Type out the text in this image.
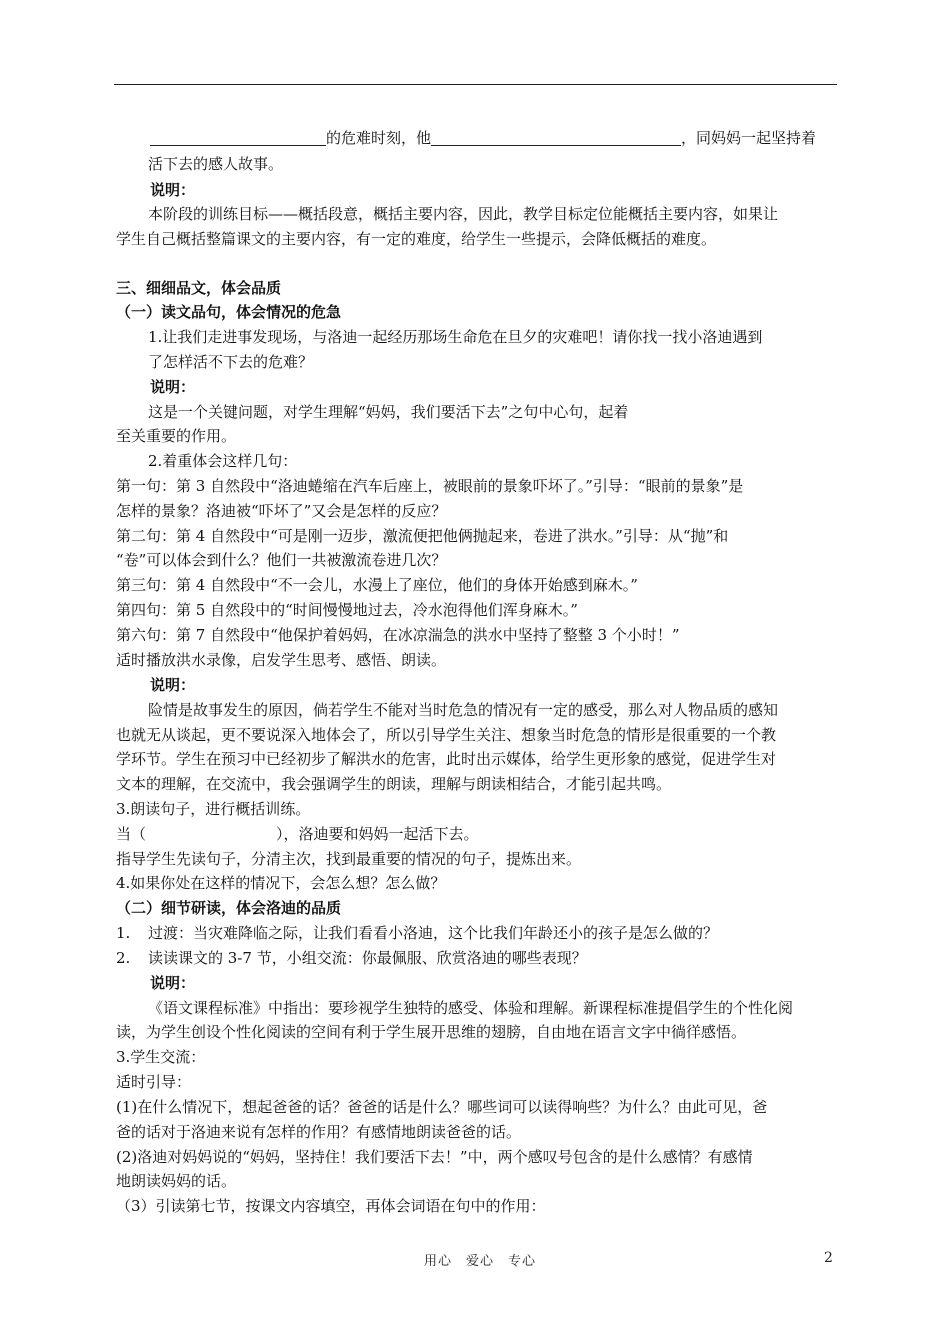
的危难时刻，他	，同妈妈一起坚持着
活下去的感人故事。
说明：
本阶段的训练目标——概括段意，概括主要内容，因此，教学目标定位能概括主要内容，如果让
学生自己概括整篇课文的主要内容，有一定的难度，给学生一些提示，会降低概括的难度。
三、细细品文，体会品质
（一）读文品句，体会情况的危急
1.让我们走进事发现场，与洛迪一起经历那场生命危在旦夕的灾难吧！请你找一找小洛迪遇到
了怎样活不下去的危难？
说明：
这是一个关键问题，对学生理解“妈妈，我们要活下去”之句中心句，起着
至关重要的作用。
2.着重体会这样几句：
第一句：第 3 自然段中“洛迪蜷缩在汽车后座上，被眼前的景象吓坏了。”引导：“眼前的景象”是
怎样的景象？洛迪被“吓坏了”又会是怎样的反应？
第二句：第 4 自然段中“可是刚一迈步，激流便把他俩抛起来，卷进了洪水。”引导：从“抛”和
“卷”可以体会到什么？他们一共被激流卷进几次？
第三句：第 4 自然段中“不一会儿，水漫上了座位，他们的身体开始感到麻木。”
第四句：第 5 自然段中的“时间慢慢地过去，冷水泡得他们浑身麻木。”
第六句：第 7 自然段中“他保护着妈妈，在冰凉湍急的洪水中坚持了整整 3 个小时！”
适时播放洪水录像，启发学生思考、感悟、朗读。
说明：
险情是故事发生的原因，倘若学生不能对当时危急的情况有一定的感受，那么对人物品质的感知
也就无从谈起，更不要说深入地体会了，所以引导学生关注、想象当时危急的情形是很重要的一个教
学环节。学生在预习中已经初步了解洪水的危害，此时出示媒体，给学生更形象的感觉，促进学生对
文本的理解，在交流中，我会强调学生的朗读，理解与朗读相结合，才能引起共鸣。
3.朗读句子，进行概括训练。
当（	），洛迪要和妈妈一起活下去。
指导学生先读句子，分清主次，找到最重要的情况的句子，提炼出来。
4.如果你处在这样的情况下，会怎么想？怎么做？
（二）细节研读，体会洛迪的品质
1. 过渡：当灾难降临之际，让我们看看小洛迪，这个比我们年龄还小的孩子是怎么做的？
2. 读读课文的 3-7 节，小组交流：你最佩服、欣赏洛迪的哪些表现？
说明：
《语文课程标准》中指出：要珍视学生独特的感受、体验和理解。新课程标准提倡学生的个性化阅
读，为学生创设个性化阅读的空间有利于学生展开思维的翅膀，自由地在语言文字中徜徉感悟。
3.学生交流：
适时引导：
(1)在什么情况下，想起爸爸的话？爸爸的话是什么？哪些词可以读得响些？为什么？由此可见，爸
爸的话对于洛迪来说有怎样的作用？有感情地朗读爸爸的话。
(2)洛迪对妈妈说的“妈妈，坚持住！我们要活下去！”中，两个感叹号包含的是什么感情？有感情
地朗读妈妈的话。
（3）引读第七节，按课文内容填空，再体会词语在句中的作用：
用心　爱心　专心	2
